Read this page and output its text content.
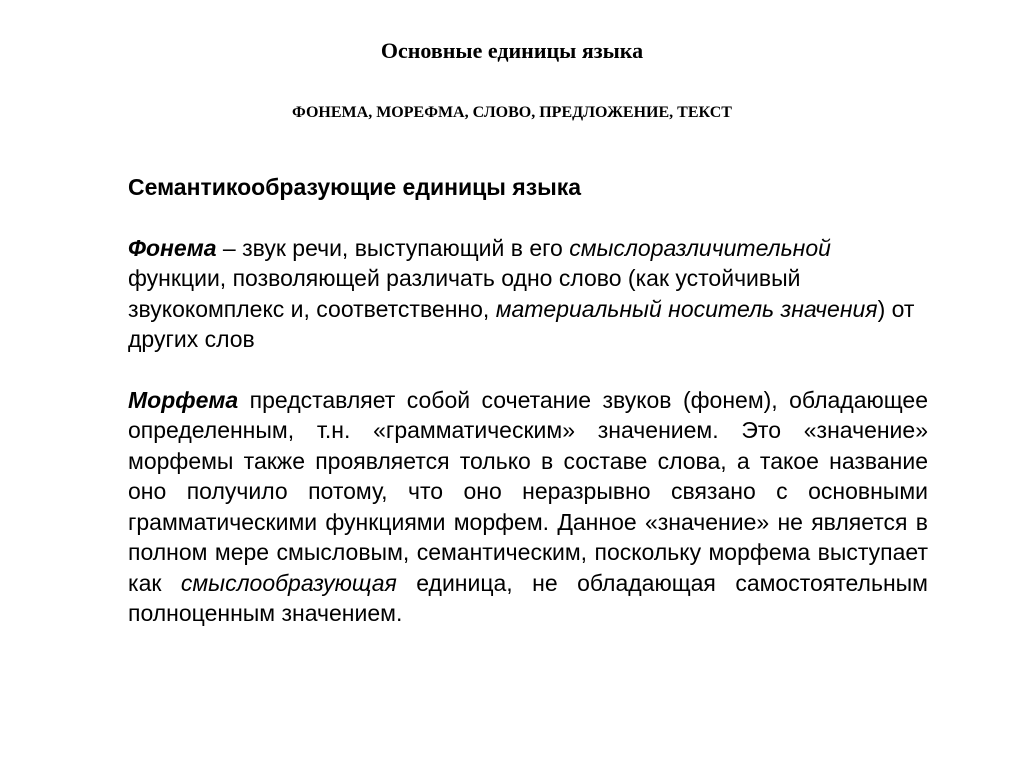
Основные единицы языка
ФОНЕМА, МОРЕФМА, СЛОВО, ПРЕДЛОЖЕНИЕ, ТЕКСТ

Семантикообразующие единицы языка

Фонема – звук речи, выступающий в его смыслоразличительной функции, позволяющей различать одно слово (как устойчивый звукокомплекс и, соответственно, материальный носитель значения) от других слов

Морфема представляет собой сочетание звуков (фонем), обладающее определенным, т.н. «грамматическим» значением. Это «значение» морфемы также проявляется только в составе слова, а такое название оно получило потому, что оно неразрывно связано с основными грамматическими функциями морфем. Данное «значение» не является в полном мере смысловым, семантическим, поскольку морфема выступает как смыслообразующая единица, не обладающая самостоятельным полноценным значением.
